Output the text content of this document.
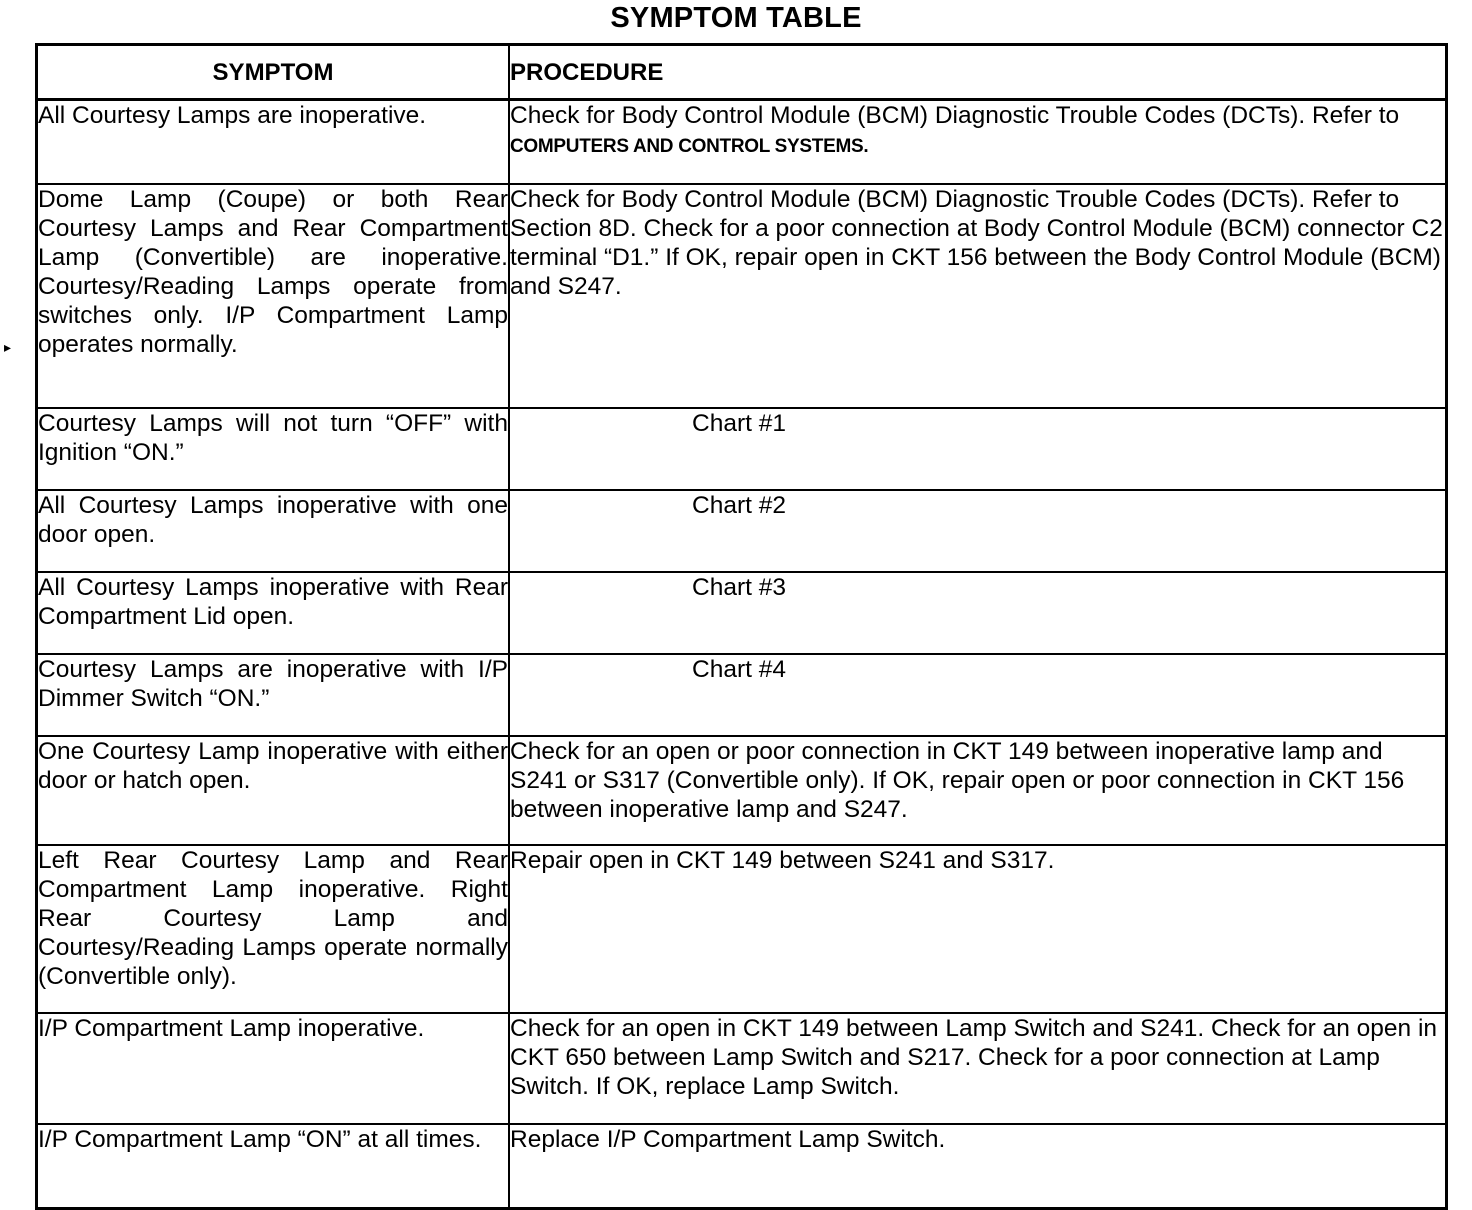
SYMPTOM TABLE
▸
SYMPTOM	PROCEDURE
All Courtesy Lamps are inoperative.	Check for Body Control Module (BCM) Diagnostic Trouble Codes (DCTs). Refer to COMPUTERS AND CONTROL SYSTEMS.
Dome Lamp (Coupe) or both Rear Courtesy Lamps and Rear Compartment Lamp (Convertible) are inoperative. Courtesy/Reading Lamps operate from switches only. I/P Compartment Lamp operates normally.	Check for Body Control Module (BCM) Diagnostic Trouble Codes (DCTs). Refer to Section 8D. Check for a poor connection at Body Control Module (BCM) connector C2 terminal “D1.” If OK, repair open in CKT 156 between the Body Control Module (BCM) and S247.
Courtesy Lamps will not turn “OFF” with Ignition “ON.”	Chart #1
All Courtesy Lamps inoperative with one door open.	Chart #2
All Courtesy Lamps inoperative with Rear Compartment Lid open.	Chart #3
Courtesy Lamps are inoperative with I/P Dimmer Switch “ON.”	Chart #4
One Courtesy Lamp inoperative with either door or hatch open.	Check for an open or poor connection in CKT 149 between inoperative lamp and S241 or S317 (Convertible only). If OK, repair open or poor connection in CKT 156 between inoperative lamp and S247.
Left Rear Courtesy Lamp and Rear Compartment Lamp inoperative. Right Rear Courtesy Lamp and Courtesy/Reading Lamps operate normally (Convertible only).	Repair open in CKT 149 between S241 and S317.
I/P Compartment Lamp inoperative.	Check for an open in CKT 149 between Lamp Switch and S241. Check for an open in CKT 650 between Lamp Switch and S217. Check for a poor connection at Lamp Switch. If OK, replace Lamp Switch.
I/P Compartment Lamp “ON” at all times.	Replace I/P Compartment Lamp Switch.
